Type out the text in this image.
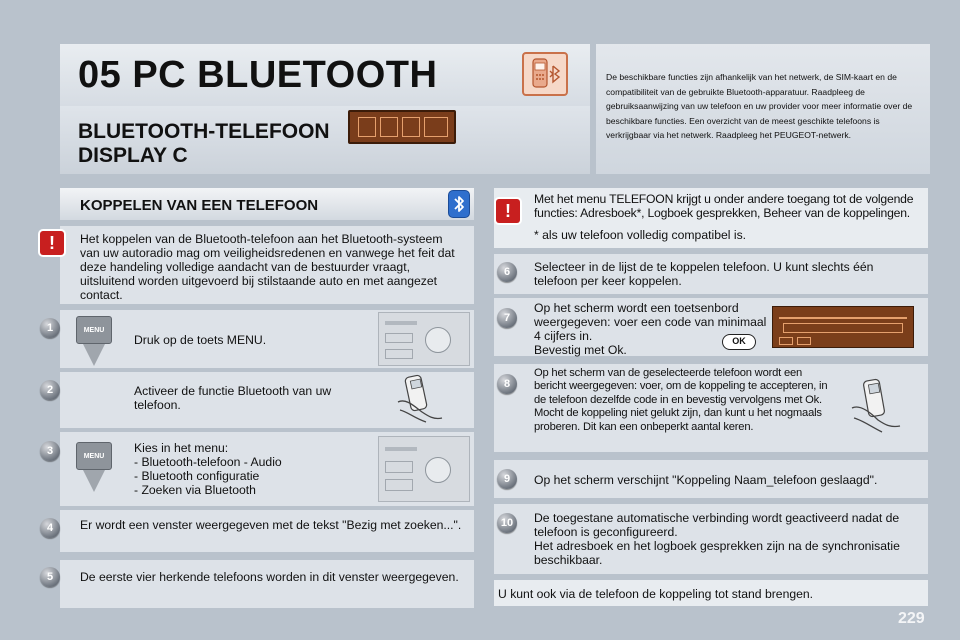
05 PC BLUETOOTH
BLUETOOTH-TELEFOON
DISPLAY C
De beschikbare functies zijn afhankelijk van het netwerk, de SIM-kaart en de compatibiliteit van de gebruikte Bluetooth-apparatuur. Raadpleeg de gebruiksaanwijzing van uw telefoon en uw provider voor meer informatie over de beschikbare functies. Een overzicht van de meest geschikte telefoons is verkrijgbaar via het netwerk. Raadpleeg het PEUGEOT-netwerk.
KOPPELEN VAN EEN TELEFOON
!	Het koppelen van de Bluetooth-telefoon aan het Bluetooth-systeem van uw autoradio mag om veiligheidsredenen en vanwege het feit dat deze handeling volledige aandacht van de bestuurder vraagt, uitsluitend worden uitgevoerd bij stilstaande auto en met aangezet contact.
1	MENU
Druk op de toets MENU.
2	Activeer de functie Bluetooth van uw telefoon.
3	MENU
Kies in het menu:
- Bluetooth-telefoon - Audio
- Bluetooth configuratie
- Zoeken via Bluetooth
4	Er wordt een venster weergegeven met de tekst "Bezig met zoeken...".
5	De eerste vier herkende telefoons worden in dit venster weergegeven.
!
Met het menu TELEFOON krijgt u onder andere toegang tot de volgende functies: Adresboek*, Logboek gesprekken, Beheer van de koppelingen.
* als uw telefoon volledig compatibel is.
6	Selecteer in de lijst de te koppelen telefoon. U kunt slechts één telefoon per keer koppelen.
7
Op het scherm wordt een toetsenbord weergegeven: voer een code van minimaal 4 cijfers in.
Bevestig met Ok.
OK
8
Op het scherm van de geselecteerde telefoon wordt een bericht weergegeven: voer, om de koppeling te accepteren, in de telefoon dezelfde code in en bevestig vervolgens met Ok.
Mocht de koppeling niet gelukt zijn, dan kunt u het nogmaals proberen. Dit kan een onbeperkt aantal keren.
9	Op het scherm verschijnt "Koppeling Naam_telefoon geslaagd".
10	De toegestane automatische verbinding wordt geactiveerd nadat de telefoon is geconfigureerd.
Het adresboek en het logboek gesprekken zijn na de synchronisatie beschikbaar.
U kunt ook via de telefoon de koppeling tot stand brengen.
229
